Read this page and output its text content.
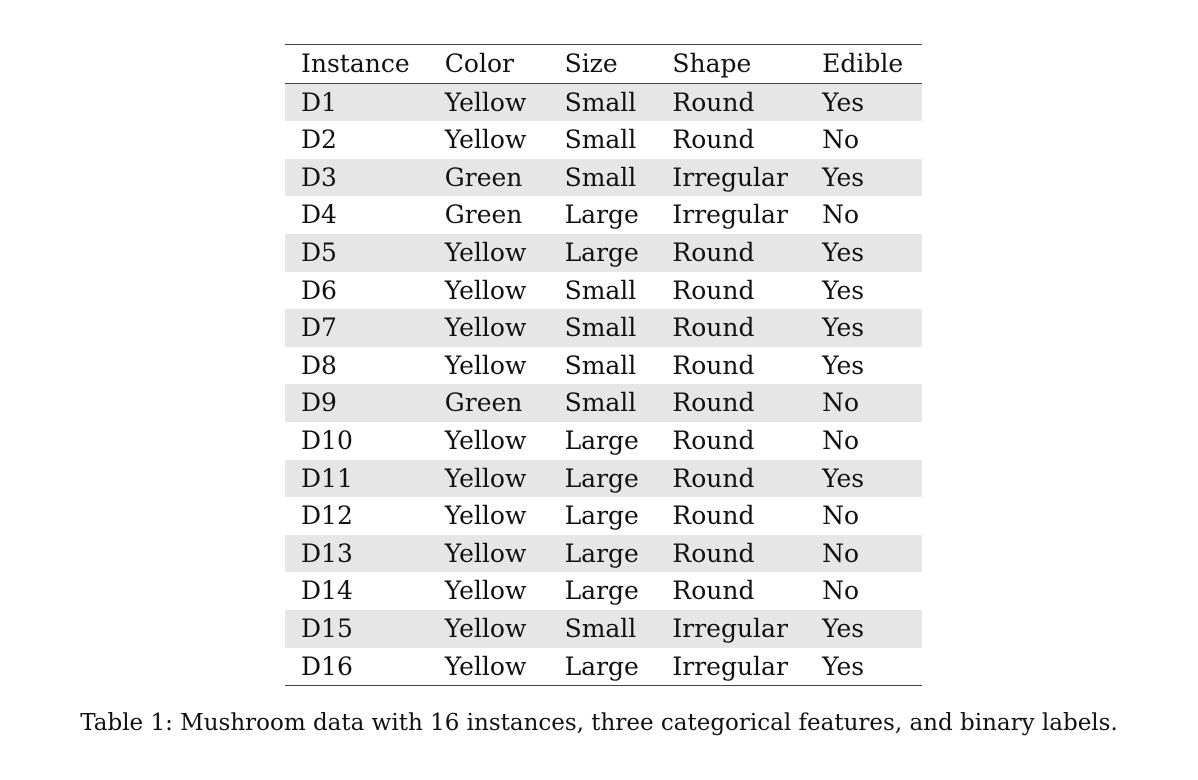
Instance	Color	Size	Shape	Edible
D1	Yellow	Small	Round	Yes
D2	Yellow	Small	Round	No
D3	Green	Small	Irregular	Yes
D4	Green	Large	Irregular	No
D5	Yellow	Large	Round	Yes
D6	Yellow	Small	Round	Yes
D7	Yellow	Small	Round	Yes
D8	Yellow	Small	Round	Yes
D9	Green	Small	Round	No
D10	Yellow	Large	Round	No
D11	Yellow	Large	Round	Yes
D12	Yellow	Large	Round	No
D13	Yellow	Large	Round	No
D14	Yellow	Large	Round	No
D15	Yellow	Small	Irregular	Yes
D16	Yellow	Large	Irregular	Yes
Table 1: Mushroom data with 16 instances, three categorical features, and binary labels.
